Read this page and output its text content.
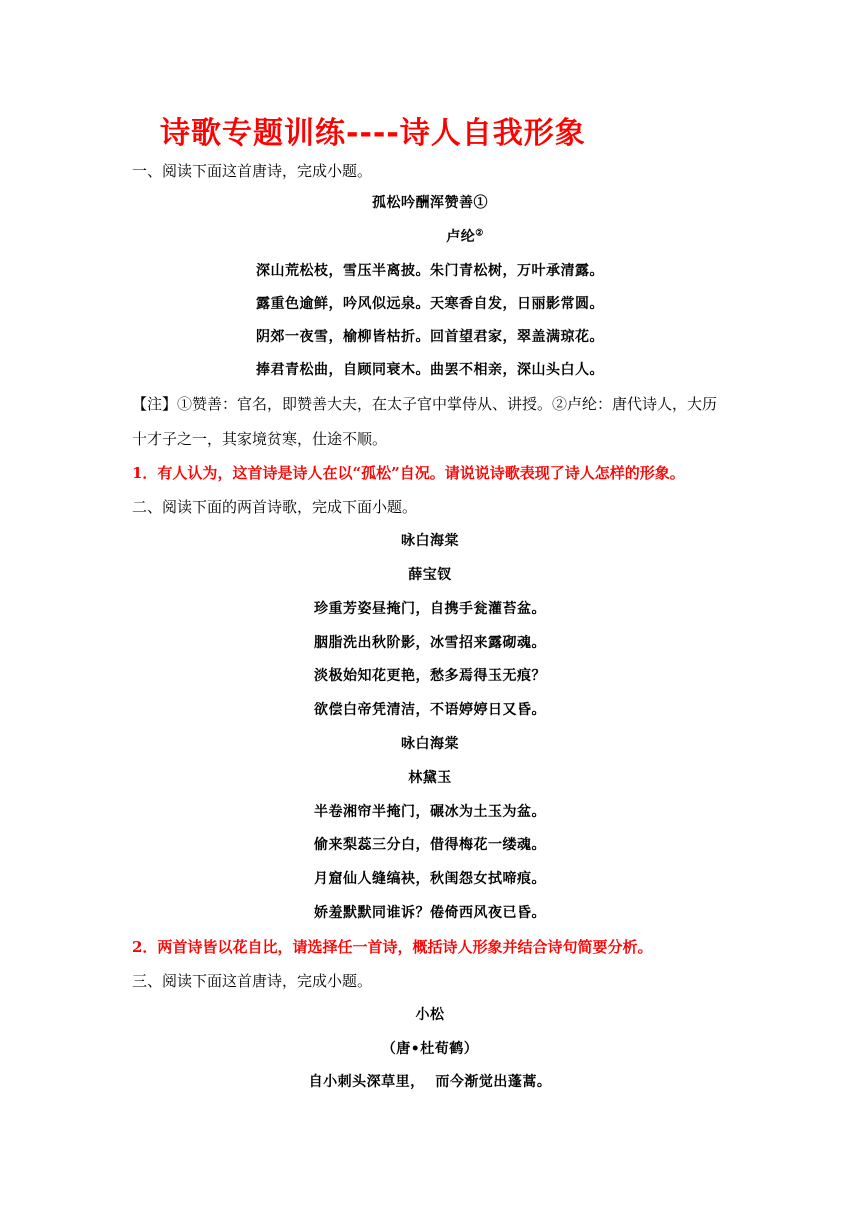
诗歌专题训练----诗人自我形象
一、阅读下面这首唐诗，完成小题。
孤松吟酬浑赞善①
卢纶②
深山荒松枝，雪压半离披。朱门青松树，万叶承清露。
露重色逾鲜，吟风似远泉。天寒香自发，日丽影常圆。
阴郊一夜雪，榆柳皆枯折。回首望君家，翠盖满琼花。
捧君青松曲，自顾同衰木。曲罢不相亲，深山头白人。
【注】①赞善：官名，即赞善大夫，在太子官中掌侍从、讲授。②卢纶：唐代诗人，大历
十才子之一，其家境贫寒，仕途不顺。
1．有人认为，这首诗是诗人在以“孤松”自况。请说说诗歌表现了诗人怎样的形象。
二、阅读下面的两首诗歌，完成下面小题。
咏白海棠
薛宝钗
珍重芳姿昼掩门，自携手瓮灌苔盆。
胭脂洗出秋阶影，冰雪招来露砌魂。
淡极始知花更艳，愁多焉得玉无痕？
欲偿白帝凭清洁，不语婷婷日又昏。
咏白海棠
林黛玉
半卷湘帘半掩门，碾冰为土玉为盆。
偷来梨蕊三分白，借得梅花一缕魂。
月窟仙人缝缟袂，秋闺怨女拭啼痕。
娇羞默默同谁诉？倦倚西风夜已昏。
2．两首诗皆以花自比，请选择任一首诗，概括诗人形象并结合诗句简要分析。
三、阅读下面这首唐诗，完成小题。
小松
（唐•杜荀鹤）
自小刺头深草里，  而今渐觉出蓬蒿。
